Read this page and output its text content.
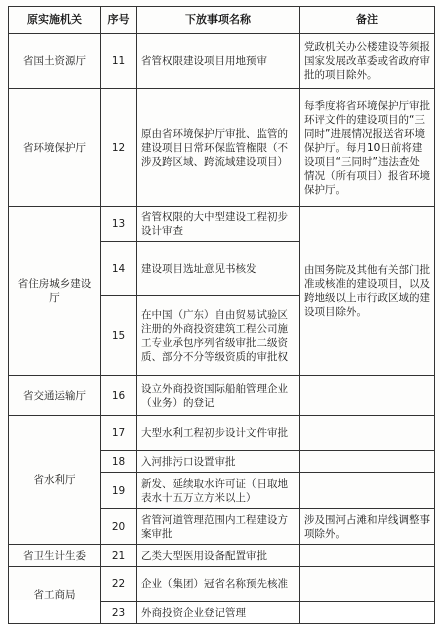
原实施机关	序号	下放事项名称	备注
省国土资源厅	11	省管权限建设项目用地预审	党政机关办公楼建设等须报国家发展改革委或省政府审批的项目除外。
省环境保护厅	12	原由省环境保护厅审批、监管的建设项目日常环保监管権限（不涉及跨区域、跨流域建设项目）	每季度将省环境保护厅审批环评文件的建设项目的“三同时”进展情况报送省环境保护厅。每月10日前将建设项目“三同时”违法查处情况（所有项目）报省环境保护厅。
省住房城乡建设厅	13	省管权限的大中型建设工程初步设计审查	由国务院及其他有关部门批准或核准的建设项目，以及跨地级以上市行政区域的建设项目除外。
	14	建设项目选址意见书核发	
	15	在中国（广东）自由贸易试验区注册的外商投资建筑工程公司施工专业承包序列省级审批二级资质、部分不分等级资质的审批权	
省交通运输厅	16	设立外商投资国际船舶管理企业（业务）的登记	
省水利厅	17	大型水利工程初步设计文件审批	
	18	入河排污口设置审批	
	19	新发、延续取水许可证（日取地表水十五万立方米以上）	
	20	省管河道管理范围内工程建设方案审批	涉及围河占滩和岸线调整事项除外。
省卫生计生委	21	乙类大型医用设备配置审批	
省工商局	22	企业（集团）冠省名称预先核准	
	23	外商投资企业登记管理	
